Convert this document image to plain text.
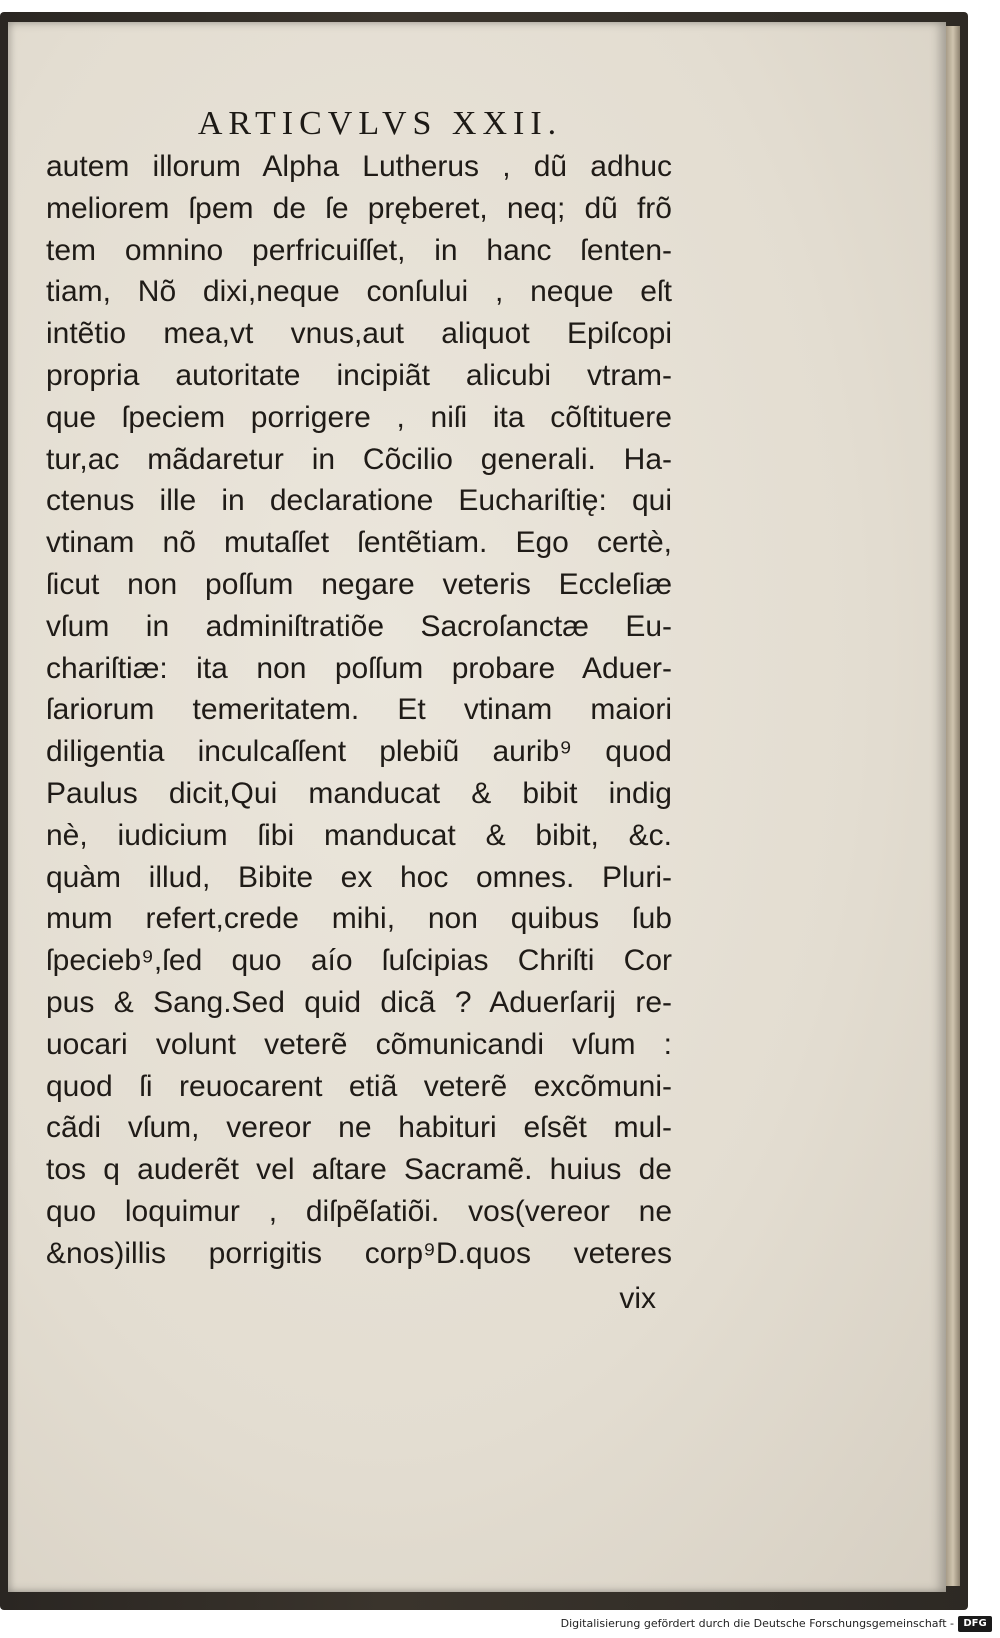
ARTICVLVS XXII.
autem illorum Alpha Lutherus , dũ adhuc
meliorem ſpem de ſe pręberet, neq; dũ frõ
tem omnino perfricuiſſet, in hanc ſenten-
tiam, Nõ dixi,neque conſului , neque eſt
intẽtio mea,vt vnus,aut aliquot Epiſcopi
propria autoritate incipiãt alicubi vtram-
que ſpeciem porrigere , niſi ita cõſtituere
tur,ac mãdaretur in Cõcilio generali. Ha-
ctenus ille in declaratione Euchariſtię: qui
vtinam nõ mutaſſet ſentẽtiam. Ego certè,
ſicut non poſſum negare veteris Eccleſiæ
vſum in adminiſtratiõe Sacroſanctæ Eu-
chariſtiæ: ita non poſſum probare Aduer-
ſariorum temeritatem. Et vtinam maiori
diligentia inculcaſſent plebiũ aurib⁹ quod
Paulus dicit,Qui manducat & bibit indig
nè, iudicium ſibi manducat & bibit, &c.
quàm illud, Bibite ex hoc omnes. Pluri-
mum refert,crede mihi, non quibus ſub
ſpecieb⁹,ſed quo aío ſuſcipias Chriſti Cor
pus & Sang.Sed quid dicã ? Aduerſarij re-
uocari volunt veterẽ cõmunicandi vſum :
quod ſi reuocarent etiã veterẽ excõmuni-
cãdi vſum, vereor ne habituri eſsẽt mul-
tos q auderẽt vel aſtare Sacramẽ. huius de
quo loquimur , diſpẽſatiõi. vos(vereor ne
&nos)illis porrigitis corp⁹D.quos veteres
vix
Digitalisierung gefördert durch die Deutsche Forschungsgemeinschaft - DFG
